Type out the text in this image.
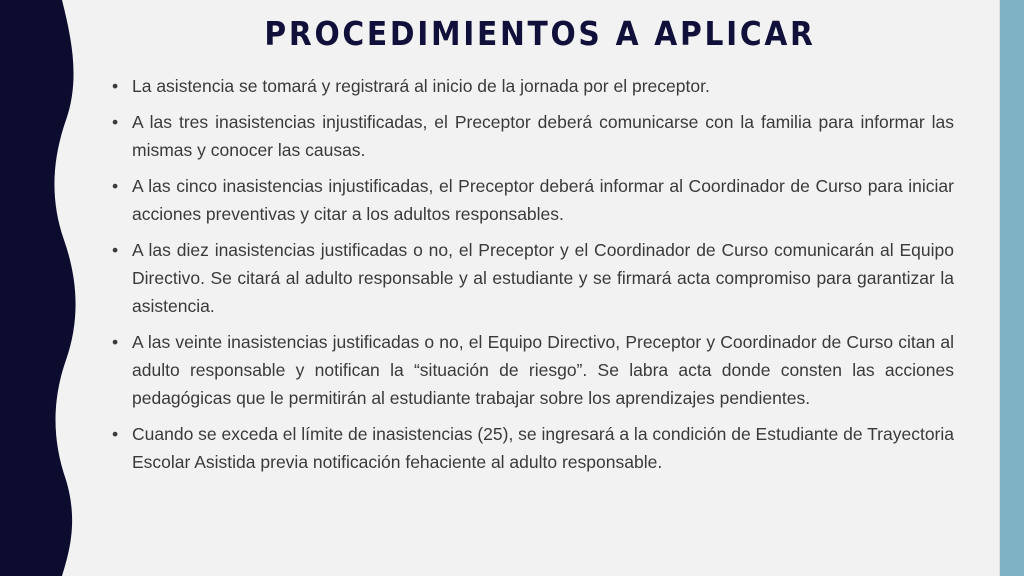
PROCEDIMIENTOS A APLICAR
• La asistencia se tomará y registrará al inicio de la jornada por el preceptor.
• A las tres inasistencias injustificadas, el Preceptor deberá comunicarse con la familia para informar las mismas y conocer las causas.
• A las cinco inasistencias injustificadas, el Preceptor deberá informar al Coordinador de Curso para iniciar acciones preventivas y citar a los adultos responsables.
• A las diez inasistencias justificadas o no, el Preceptor y el Coordinador de Curso comunicarán al Equipo Directivo. Se citará al adulto responsable y al estudiante y se firmará acta compromiso para garantizar la asistencia.
• A las veinte inasistencias justificadas o no, el Equipo Directivo, Preceptor y Coordinador de Curso citan al adulto responsable y notifican la “situación de riesgo”. Se labra acta donde consten las acciones pedagógicas que le permitirán al estudiante trabajar sobre los aprendizajes pendientes.
• Cuando se exceda el límite de inasistencias (25), se ingresará a la condición de Estudiante de Trayectoria Escolar Asistida previa notificación fehaciente al adulto responsable.
